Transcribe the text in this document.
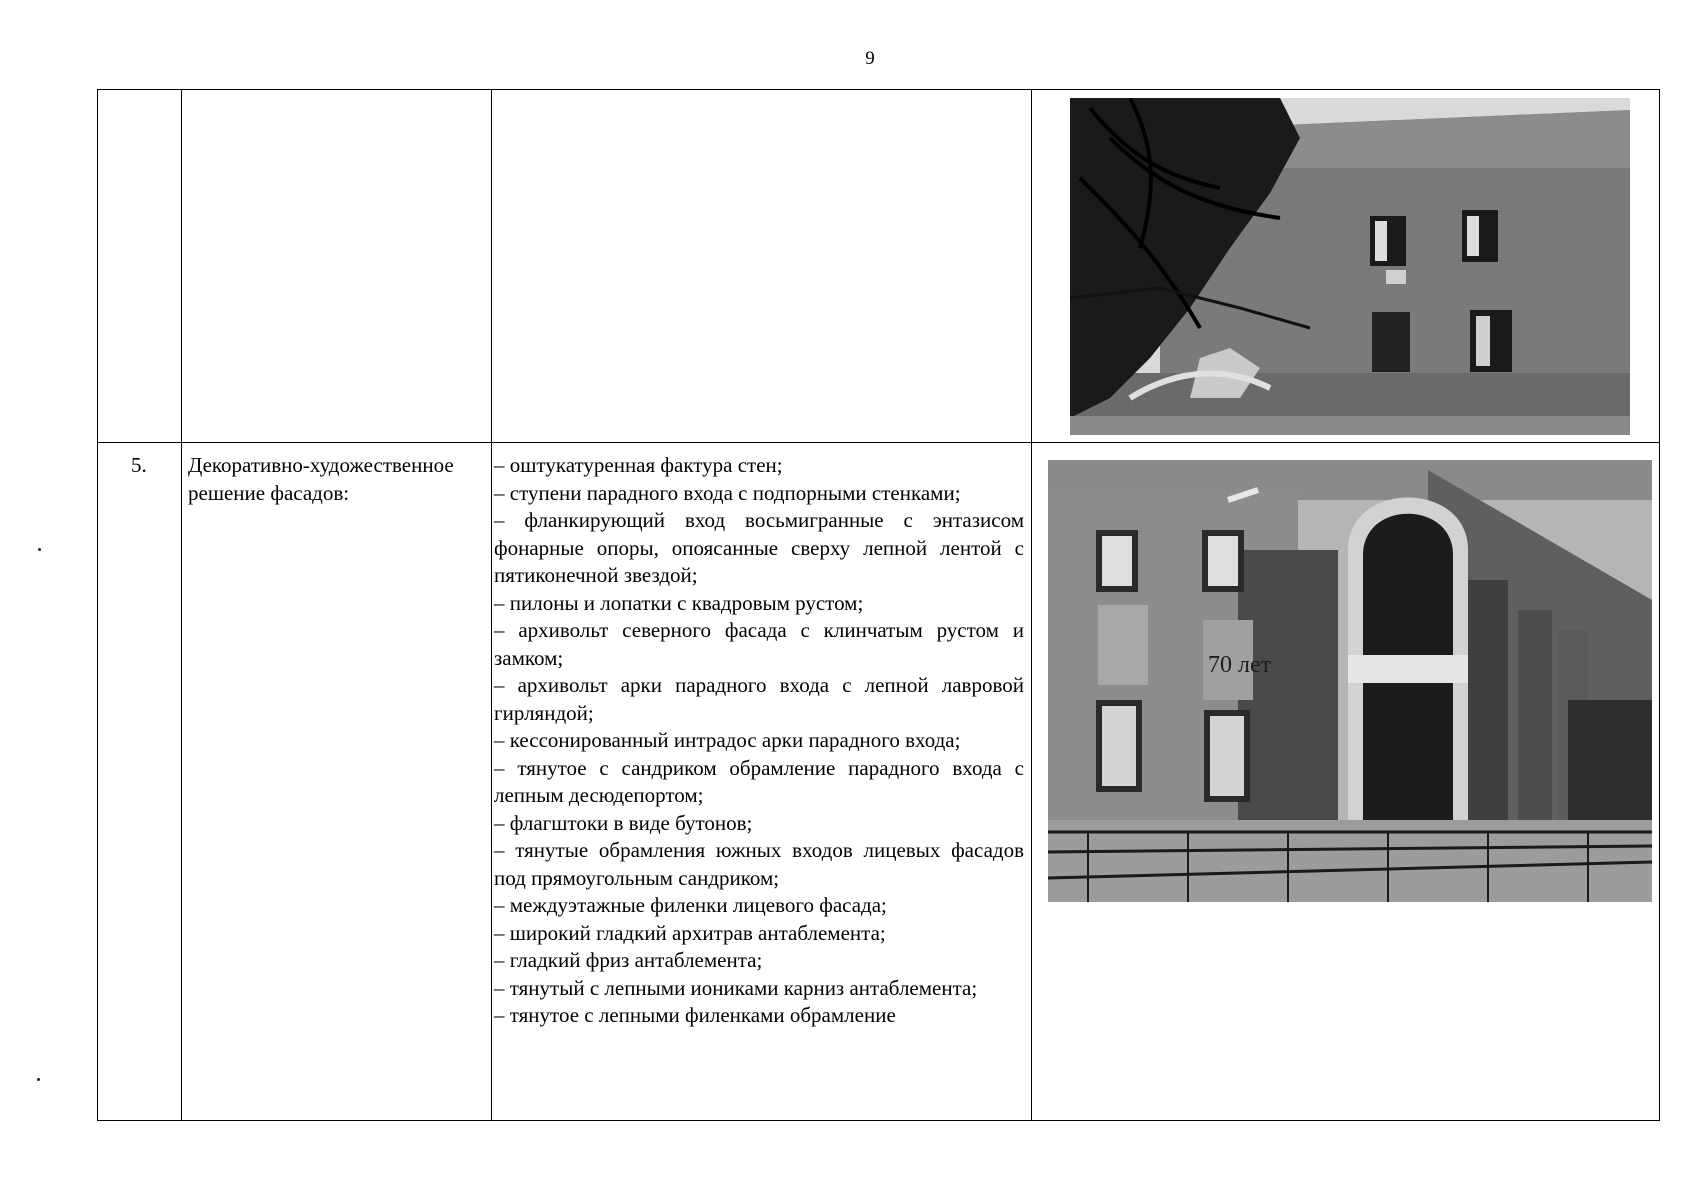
9
5. Декоративно-художественное решение фасадов:
– оштукатуренная фактура стен;
– ступени парадного входа с подпорными стенками;
– фланкирующий вход восьмигранные с энтазисом фонарные опоры, опоясанные сверху лепной лентой с пятиконечной звездой;
– пилоны и лопатки с квадровым рустом;
– архивольт северного фасада с клинчатым рустом и замком;
– архивольт арки парадного входа с лепной лавровой гирляндой;
– кессонированный интрадос арки парадного входа;
– тянутое с сандриком обрамление парадного входа с лепным десюдепортом;
– флагштоки в виде бутонов;
– тянутые обрамления южных входов лицевых фасадов под прямоугольным сандриком;
– междуэтажные филенки лицевого фасада;
– широкий гладкий архитрав антаблемента;
– гладкий фриз антаблемента;
– тянутый с лепными иониками карниз антаблемента;
– тянутое с лепными филенками обрамление
70 лет
